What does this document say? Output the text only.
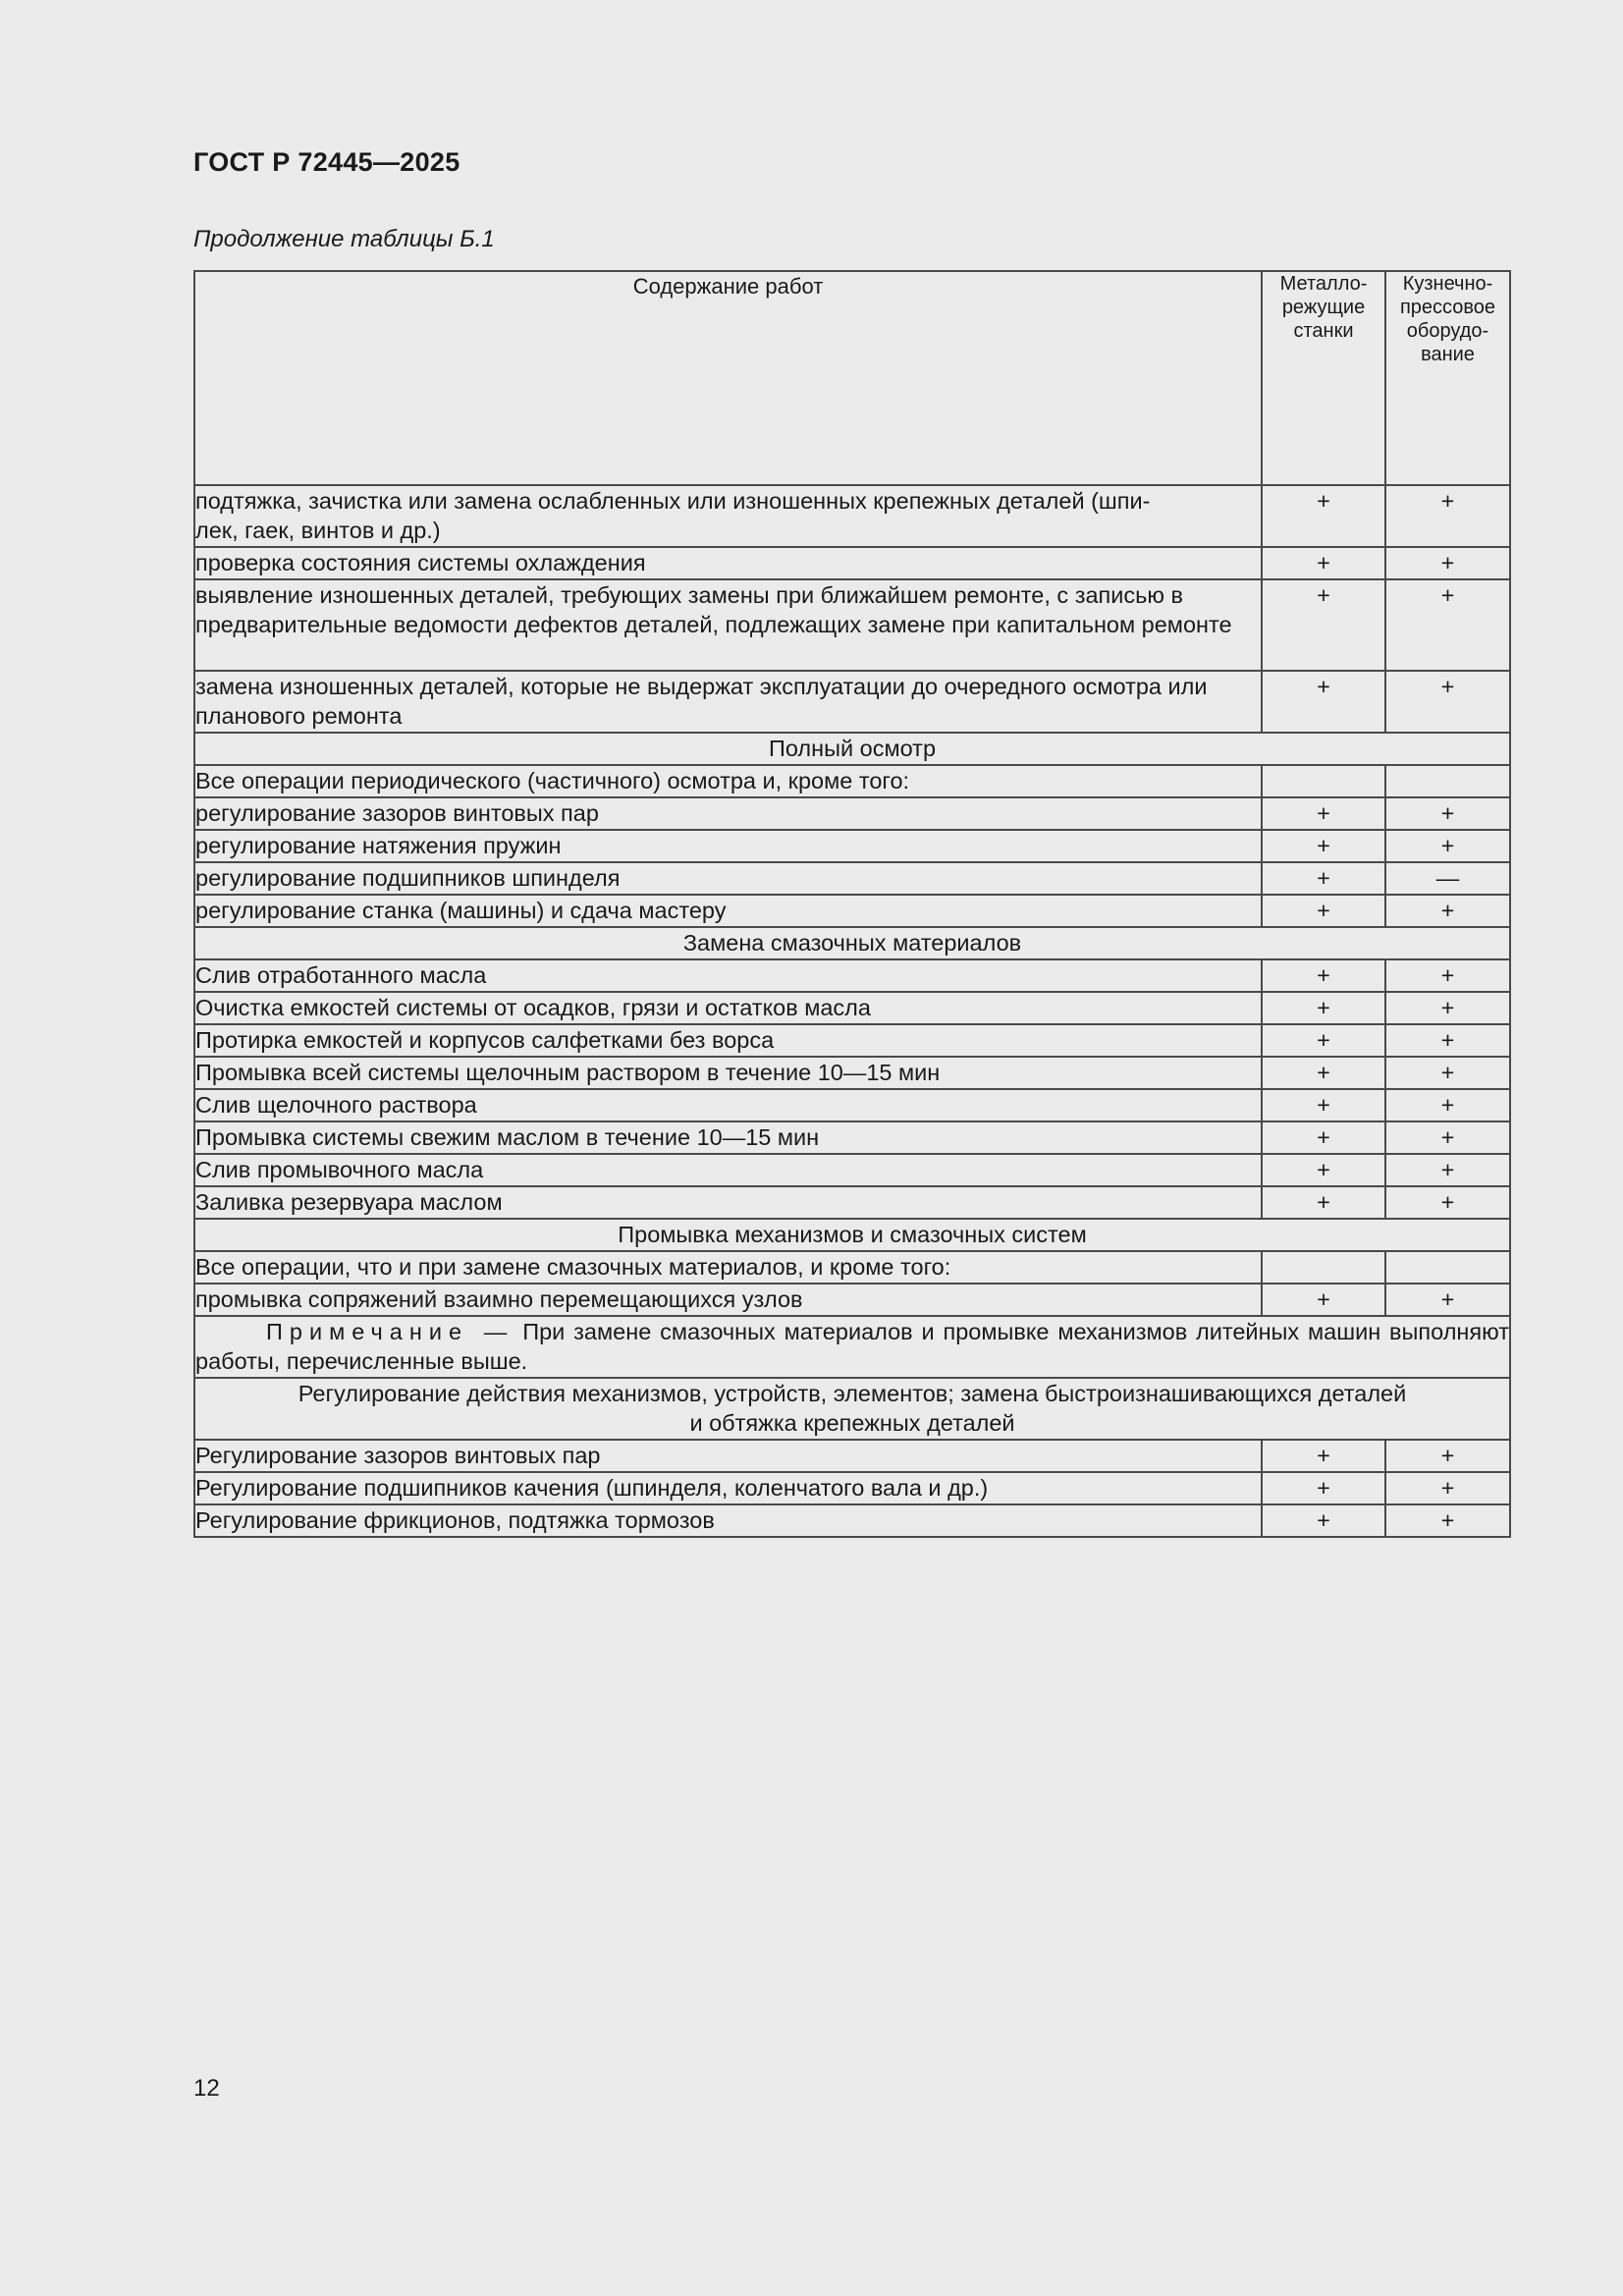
ГОСТ Р 72445—2025
Продолжение таблицы Б.1
Содержание работ	Металло-
режущие
станки	Кузнечно-
прессовое
оборудо-
вание
подтяжка, зачистка или замена ослабленных или изношенных крепежных деталей (шпи-
лек, гаек, винтов и др.)	+	+
проверка состояния системы охлаждения	+	+
выявление изношенных деталей, требующих замены при ближайшем ремонте, с записью в предварительные ведомости дефектов деталей, подлежащих замене при капитальном ремонте	+	+
замена изношенных деталей, которые не выдержат эксплуатации до очередного осмотра или планового ремонта	+	+
Полный осмотр		
Все операции периодического (частичного) осмотра и, кроме того:		
регулирование зазоров винтовых пар	+	+
регулирование натяжения пружин	+	+
регулирование подшипников шпинделя	+	—
регулирование станка (машины) и сдача мастеру	+	+
Замена смазочных материалов		
Слив отработанного масла	+	+
Очистка емкостей системы от осадков, грязи и остатков масла	+	+
Протирка емкостей и корпусов салфетками без ворса	+	+
Промывка всей системы щелочным раствором в течение 10—15 мин	+	+
Слив щелочного раствора	+	+
Промывка системы свежим маслом в течение 10—15 мин	+	+
Слив промывочного масла	+	+
Заливка резервуара маслом	+	+
Промывка механизмов и смазочных систем		
Все операции, что и при замене смазочных материалов, и кроме того:		
промывка сопряжений взаимно перемещающихся узлов	+	+
Примечание — При замене смазочных материалов и промывке механизмов литейных машин выполняют работы, перечисленные выше.		
Регулирование действия механизмов, устройств, элементов; замена быстроизнашивающихся деталей
и обтяжка крепежных деталей		
Регулирование зазоров винтовых пар	+	+
Регулирование подшипников качения (шпинделя, коленчатого вала и др.)	+	+
Регулирование фрикционов, подтяжка тормозов	+	+
12
